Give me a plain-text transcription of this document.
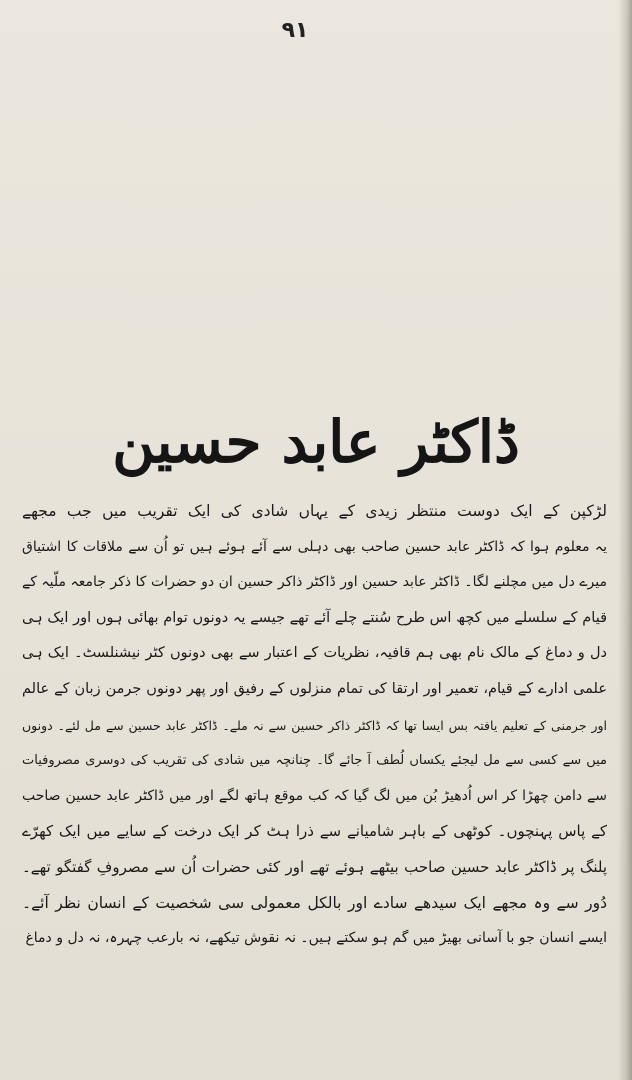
۹۱
ڈاکٹر عابد حسین
لڑکپن کے ایک دوست منتظر زیدی کے یہاں شادی کی ایک تقریب میں جب مجھے
یہ معلوم ہوا کہ ڈاکٹر عابد حسین صاحب بھی دہلی سے آئے ہوئے ہیں تو اُن سے ملاقات کا اشتیاق
میرے دل میں مچلنے لگا۔ ڈاکٹر عابد حسین اور ڈاکٹر ذاکر حسین ان دو حضرات کا ذکر جامعہ ملّیہ کے
قیام کے سلسلے میں کچھ اس طرح سُنتے چلے آئے تھے جیسے یہ دونوں توام بھائی ہوں اور ایک ہی
دل و دماغ کے مالک نام بھی ہم قافیہ، نظریات کے اعتبار سے بھی دونوں کٹر نیشنلسٹ۔ ایک ہی
علمی ادارے کے قیام، تعمیر اور ارتقا کی تمام منزلوں کے رفیق اور پھر دونوں جرمن زبان کے عالم
اور جرمنی کے تعلیم یافتہ بس ایسا تھا کہ ڈاکٹر ذاکر حسین سے نہ ملے۔ ڈاکٹر عابد حسین سے مل لئے۔ دونوں
میں سے کسی سے مل لیجئے یکساں لُطف آ جائے گا۔ چنانچہ میں شادی کی تقریب کی دوسری مصروفیات
سے دامن چھڑا کر اس اُدھیڑ بُن میں لگ گیا کہ کب موقع ہاتھ لگے اور میں ڈاکٹر عابد حسین صاحب
کے پاس پہنچوں۔ کوٹھی کے باہر شامیانے سے ذرا ہٹ کر ایک درخت کے سایے میں ایک کھرّے
پلنگ پر ڈاکٹر عابد حسین صاحب بیٹھے ہوئے تھے اور کئی حضرات اُن سے مصروفِ گفتگو تھے۔
دُور سے وہ مجھے ایک سیدھے سادے اور بالکل معمولی سی شخصیت کے انسان نظر آئے۔
ایسے انسان جو با آسانی بھیڑ میں گم ہو سکتے ہیں۔ نہ نقوش تیکھے، نہ بارعب چہرہ، نہ دل و دماغ
